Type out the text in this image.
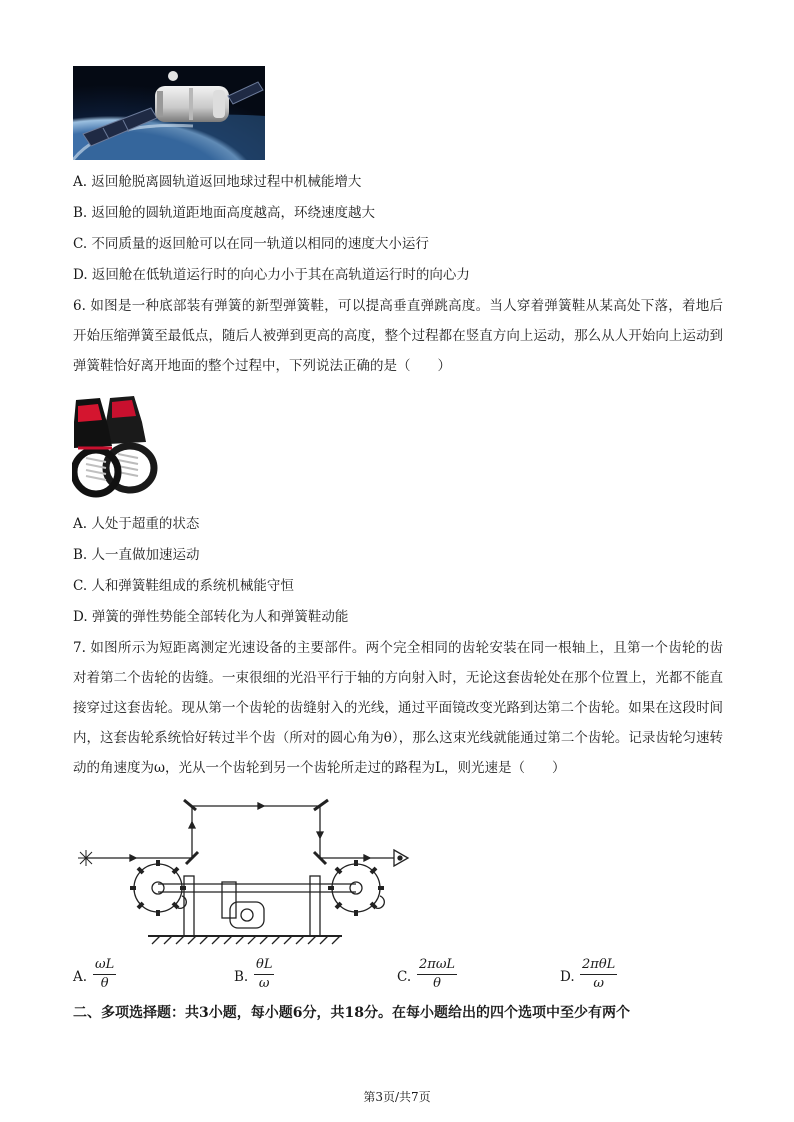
A. 返回舱脱离圆轨道返回地球过程中机械能增大
B. 返回舱的圆轨道距地面高度越高，环绕速度越大
C. 不同质量的返回舱可以在同一轨道以相同的速度大小运行
D. 返回舱在低轨道运行时的向心力小于其在高轨道运行时的向心力
6. 如图是一种底部装有弹簧的新型弹簧鞋，可以提高垂直弹跳高度。当人穿着弹簧鞋从某高处下落，着地后开始压缩弹簧至最低点，随后人被弹到更高的高度，整个过程都在竖直方向上运动，那么从人开始向上运动到弹簧鞋恰好离开地面的整个过程中，下列说法正确的是（　　）
A. 人处于超重的状态
B. 人一直做加速运动
C. 人和弹簧鞋组成的系统机械能守恒
D. 弹簧的弹性势能全部转化为人和弹簧鞋动能
7. 如图所示为短距离测定光速设备的主要部件。两个完全相同的齿轮安装在同一根轴上，且第一个齿轮的齿对着第二个齿轮的齿缝。一束很细的光沿平行于轴的方向射入时，无论这套齿轮处在那个位置上，光都不能直接穿过这套齿轮。现从第一个齿轮的齿缝射入的光线，通过平面镜改变光路到达第二个齿轮。如果在这段时间内，这套齿轮系统恰好转过半个齿（所对的圆心角为θ），那么这束光线就能通过第二个齿轮。记录齿轮匀速转动的角速度为ω，光从一个齿轮到另一个齿轮所走过的路程为L，则光速是（　　）
A. $\frac{\omega L}{\theta}$	B. $\frac{\theta L}{\omega}$	C.
2πωL
θ	D.
2πθL
ω
二、多项选择题：共3小题，每小题6分，共18分。在每小题给出的四个选项中至少有两个
第3页/共7页
